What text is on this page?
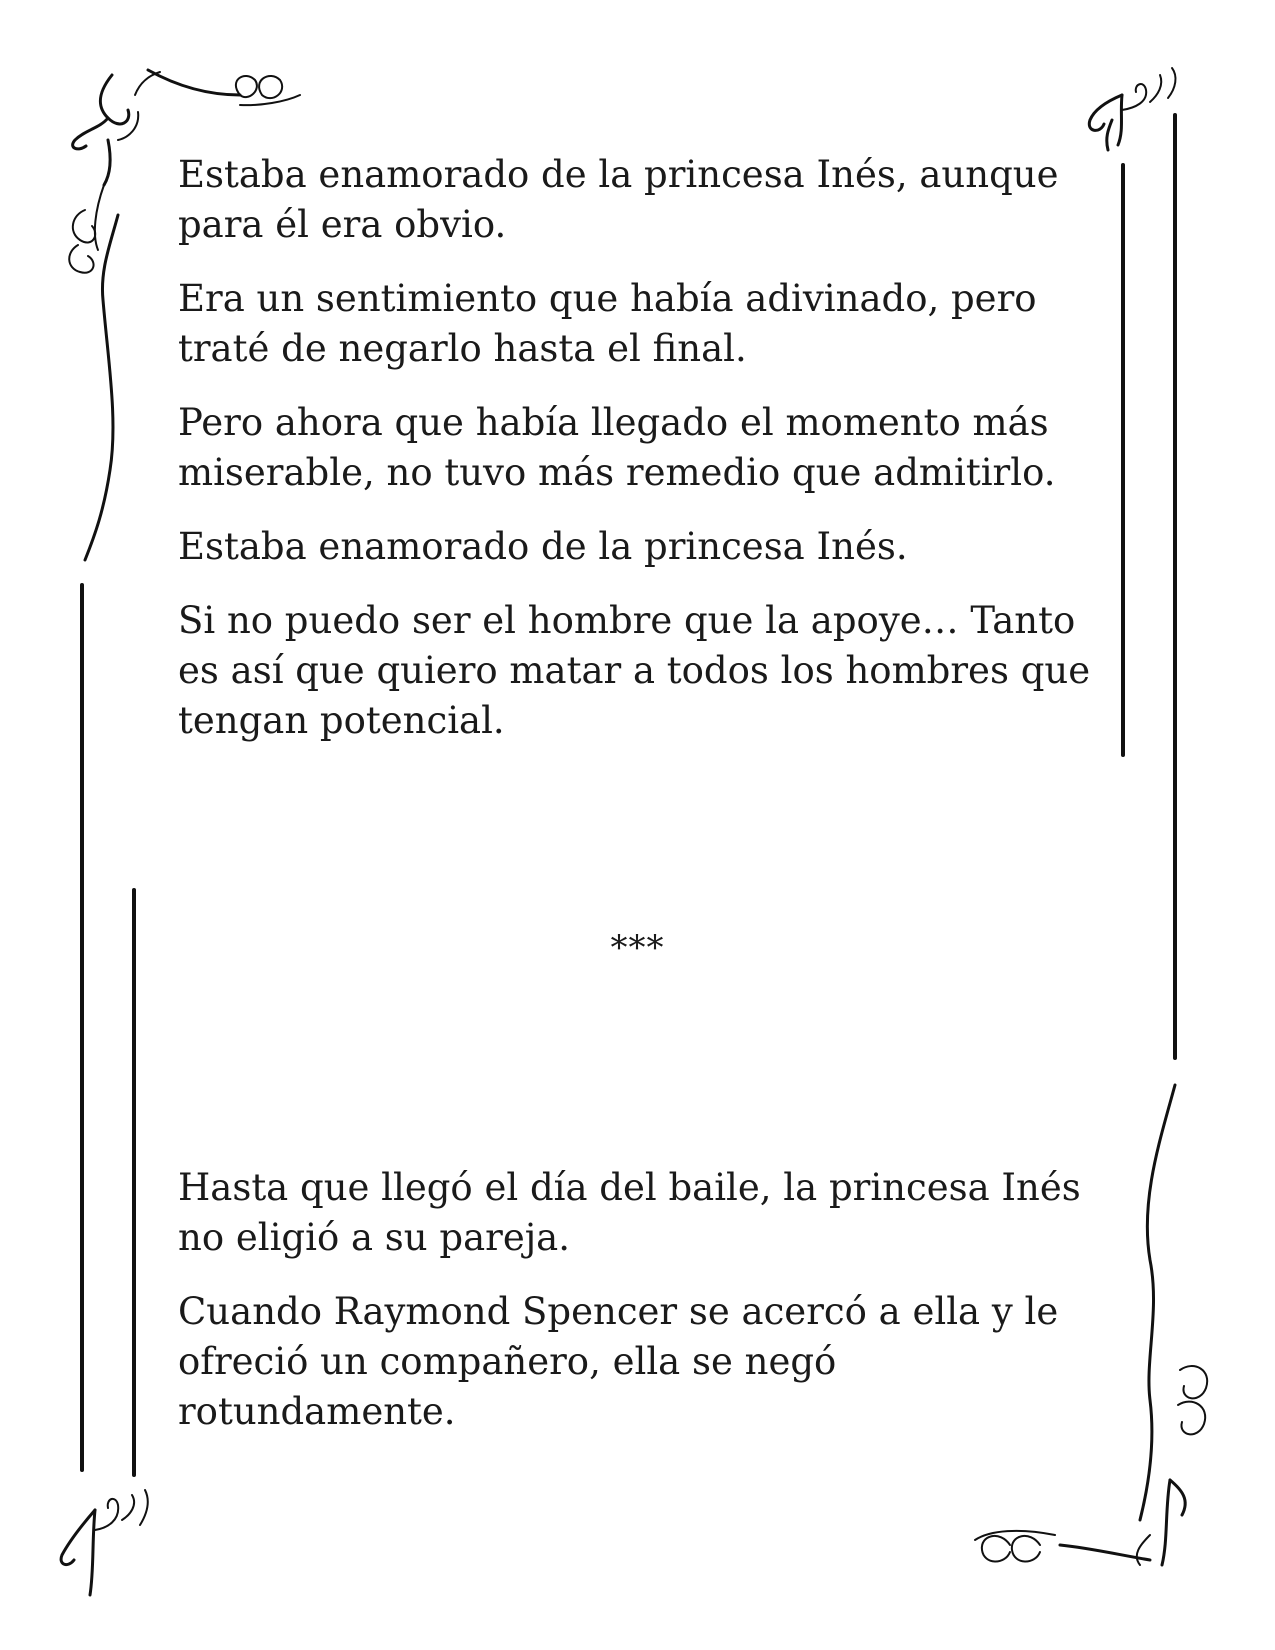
Estaba enamorado de la princesa Inés, aunque para él era obvio.

Era un sentimiento que había adivinado, pero traté de negarlo hasta el final.

Pero ahora que había llegado el momento más miserable, no tuvo más remedio que admitirlo.

Estaba enamorado de la princesa Inés.

Si no puedo ser el hombre que la apoye… Tanto es así que quiero matar a todos los hombres que tengan potencial.

***

Hasta que llegó el día del baile, la princesa Inés no eligió a su pareja.

Cuando Raymond Spencer se acercó a ella y le ofreció un compañero, ella se negó rotundamente.
